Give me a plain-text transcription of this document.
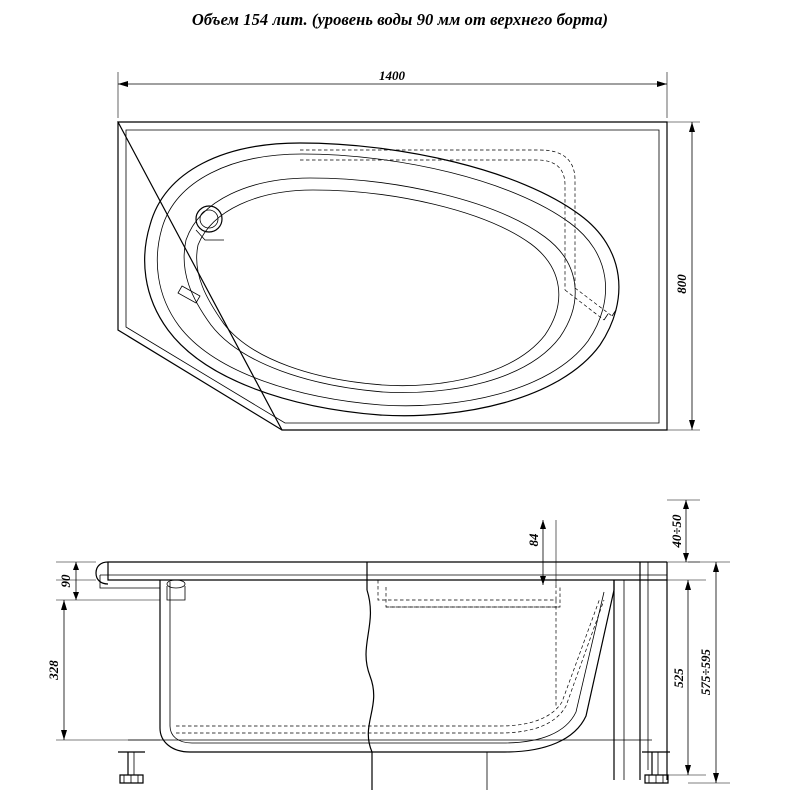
Объем 154 лит. (уровень воды 90 мм от верхнего борта)
1400
800
90
328
84	40÷50
525 575÷595
